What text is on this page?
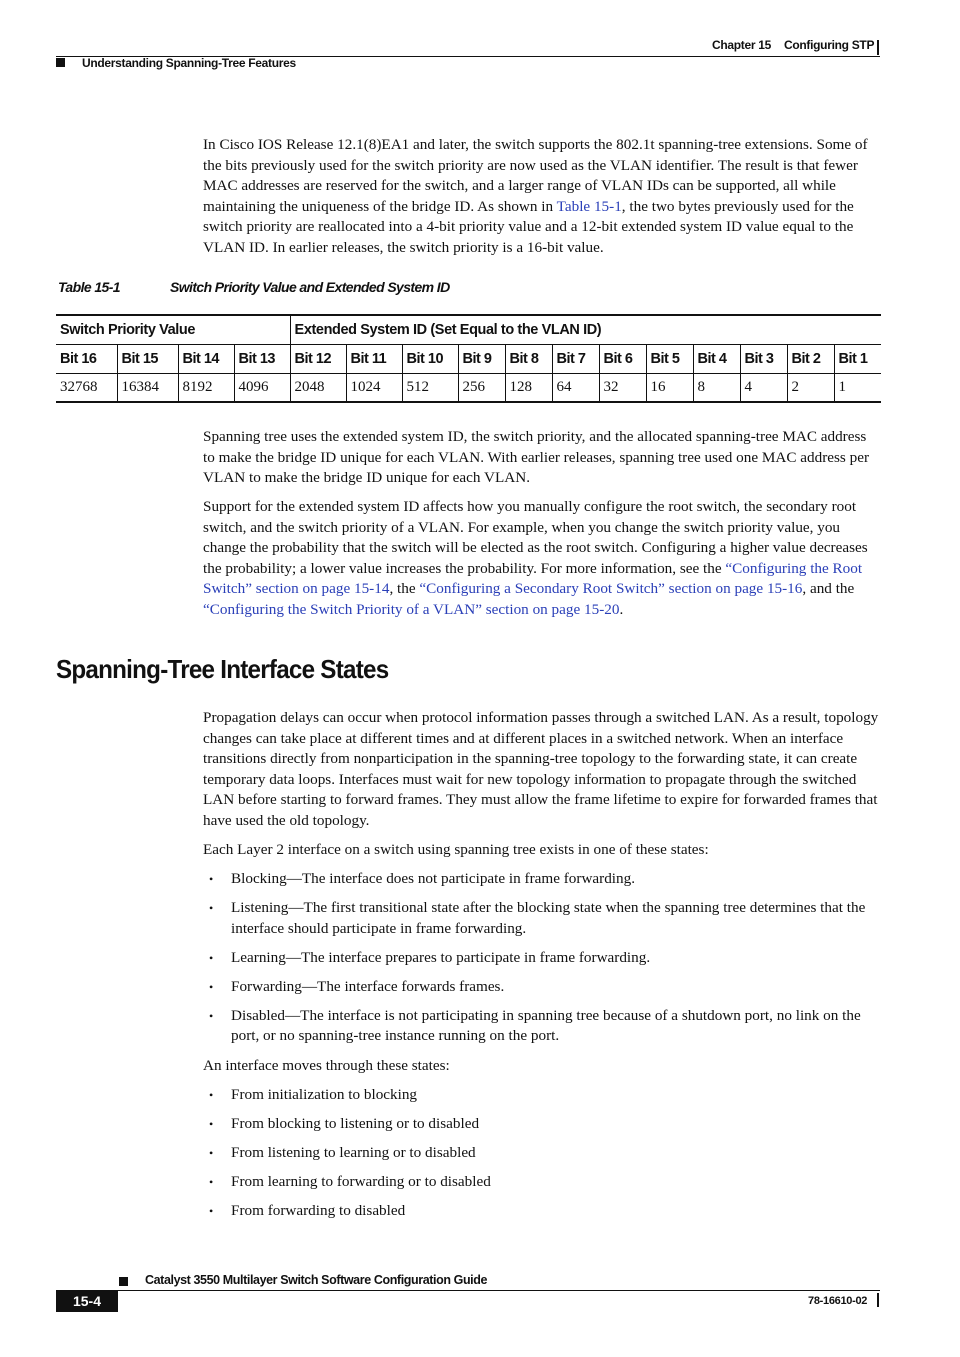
Chapter 15 Configuring STP
Understanding Spanning-Tree Features

In Cisco IOS Release 12.1(8)EA1 and later, the switch supports the 802.1t spanning-tree extensions. Some of the bits previously used for the switch priority are now used as the VLAN identifier. The result is that fewer MAC addresses are reserved for the switch, and a larger range of VLAN IDs can be supported, all while maintaining the uniqueness of the bridge ID. As shown in Table 15-1, the two bytes previously used for the switch priority are reallocated into a 4-bit priority value and a 12-bit extended system ID value equal to the VLAN ID. In earlier releases, the switch priority is a 16-bit value.

Table 15-1	Switch Priority Value and Extended System ID
Switch Priority Value				Extended System ID (Set Equal to the VLAN ID)											
Bit 16	Bit 15	Bit 14	Bit 13	Bit 12	Bit 11	Bit 10	Bit 9	Bit 8	Bit 7	Bit 6	Bit 5	Bit 4	Bit 3	Bit 2	Bit 1
32768	16384	8192	4096	2048	1024	512	256	128	64	32	16	8	4	2	1

Spanning tree uses the extended system ID, the switch priority, and the allocated spanning-tree MAC address to make the bridge ID unique for each VLAN. With earlier releases, spanning tree used one MAC address per VLAN to make the bridge ID unique for each VLAN.

Support for the extended system ID affects how you manually configure the root switch, the secondary root switch, and the switch priority of a VLAN. For example, when you change the switch priority value, you change the probability that the switch will be elected as the root switch. Configuring a higher value decreases the probability; a lower value increases the probability. For more information, see the “Configuring the Root Switch” section on page 15-14, the “Configuring a Secondary Root Switch” section on page 15-16, and the “Configuring the Switch Priority of a VLAN” section on page 15-20.

Spanning-Tree Interface States

Propagation delays can occur when protocol information passes through a switched LAN. As a result, topology changes can take place at different times and at different places in a switched network. When an interface transitions directly from nonparticipation in the spanning-tree topology to the forwarding state, it can create temporary data loops. Interfaces must wait for new topology information to propagate through the switched LAN before starting to forward frames. They must allow the frame lifetime to expire for forwarded frames that have used the old topology.

Each Layer 2 interface on a switch using spanning tree exists in one of these states:

• Blocking—The interface does not participate in frame forwarding.
• Listening—The first transitional state after the blocking state when the spanning tree determines that the interface should participate in frame forwarding.
• Learning—The interface prepares to participate in frame forwarding.
• Forwarding—The interface forwards frames.
• Disabled—The interface is not participating in spanning tree because of a shutdown port, no link on the port, or no spanning-tree instance running on the port.

An interface moves through these states:

• From initialization to blocking
• From blocking to listening or to disabled
• From listening to learning or to disabled
• From learning to forwarding or to disabled
• From forwarding to disabled
Catalyst 3550 Multilayer Switch Software Configuration Guide
15-4	78-16610-02
